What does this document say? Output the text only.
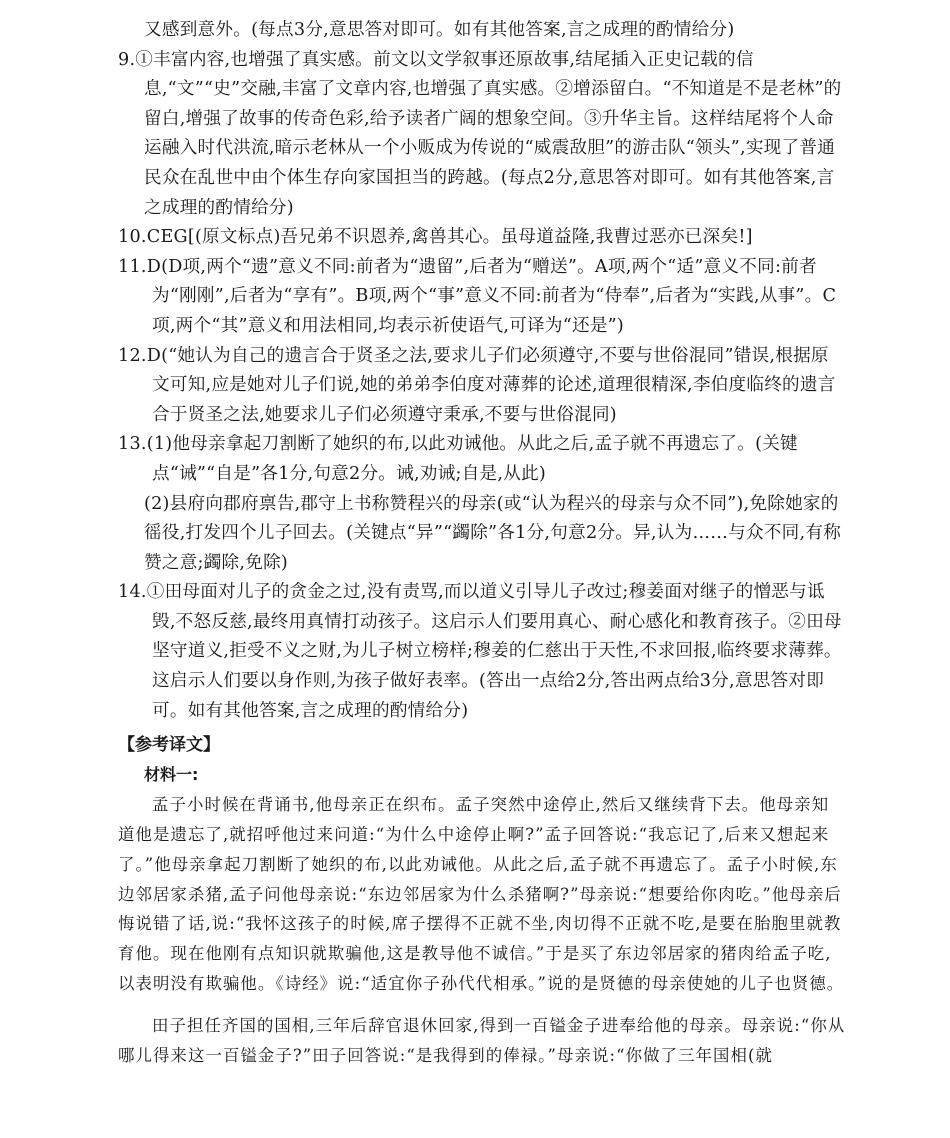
又感到意外。(每点3分,意思答对即可。如有其他答案,言之成理的酌情给分)
9.①丰富内容,也增强了真实感。前文以文学叙事还原故事,结尾插入正史记载的信息,“文”“史”交融,丰富了文章内容,也增强了真实感。②增添留白。“不知道是不是老林”的留白,增强了故事的传奇色彩,给予读者广阔的想象空间。③升华主旨。这样结尾将个人命运融入时代洪流,暗示老林从一个小贩成为传说的“威震敌胆”的游击队“领头”,实现了普通民众在乱世中由个体生存向家国担当的跨越。(每点2分,意思答对即可。如有其他答案,言之成理的酌情给分)
10.CEG[(原文标点)吾兄弟不识恩养,禽兽其心。虽母道益隆,我曹过恶亦已深矣!]
11.D(D项,两个“遗”意义不同:前者为“遗留”,后者为“赠送”。A项,两个“适”意义不同:前者为“刚刚”,后者为“享有”。B项,两个“事”意义不同:前者为“侍奉”,后者为“实践,从事”。C项,两个“其”意义和用法相同,均表示祈使语气,可译为“还是”)
12.D(“她认为自己的遗言合于贤圣之法,要求儿子们必须遵守,不要与世俗混同”错误,根据原文可知,应是她对儿子们说,她的弟弟李伯度对薄葬的论述,道理很精深,李伯度临终的遗言合于贤圣之法,她要求儿子们必须遵守秉承,不要与世俗混同)
13.(1)他母亲拿起刀割断了她织的布,以此劝诫他。从此之后,孟子就不再遗忘了。(关键点“诫”“自是”各1分,句意2分。诫,劝诫;自是,从此)
(2)县府向郡府禀告,郡守上书称赞程兴的母亲(或“认为程兴的母亲与众不同”),免除她家的徭役,打发四个儿子回去。(关键点“异”“蠲除”各1分,句意2分。异,认为……与众不同,有称赞之意;蠲除,免除)
14.①田母面对儿子的贪金之过,没有责骂,而以道义引导儿子改过;穆姜面对继子的憎恶与诋毁,不怒反慈,最终用真情打动孩子。这启示人们要用真心、耐心感化和教育孩子。②田母坚守道义,拒受不义之财,为儿子树立榜样;穆姜的仁慈出于天性,不求回报,临终要求薄葬。这启示人们要以身作则,为孩子做好表率。(答出一点给2分,答出两点给3分,意思答对即可。如有其他答案,言之成理的酌情给分)
【参考译文】
材料一:

孟子小时候在背诵书,他母亲正在织布。孟子突然中途停止,然后又继续背下去。他母亲知道他是遗忘了,就招呼他过来问道:“为什么中途停止啊?”孟子回答说:“我忘记了,后来又想起来了。”他母亲拿起刀割断了她织的布,以此劝诫他。从此之后,孟子就不再遗忘了。孟子小时候,东边邻居家杀猪,孟子问他母亲说:“东边邻居家为什么杀猪啊?”母亲说:“想要给你肉吃。”他母亲后悔说错了话,说:“我怀这孩子的时候,席子摆得不正就不坐,肉切得不正就不吃,是要在胎胞里就教育他。现在他刚有点知识就欺骗他,这是教导他不诚信。”于是买了东边邻居家的猪肉给孟子吃,以表明没有欺骗他。《诗经》说:“适宜你子孙代代相承。”说的是贤德的母亲使她的儿子也贤德。

田子担任齐国的国相,三年后辞官退休回家,得到一百镒金子进奉给他的母亲。母亲说:“你从哪儿得来这一百镒金子?”田子回答说:“是我得到的俸禄。”母亲说:“你做了三年国相(就
